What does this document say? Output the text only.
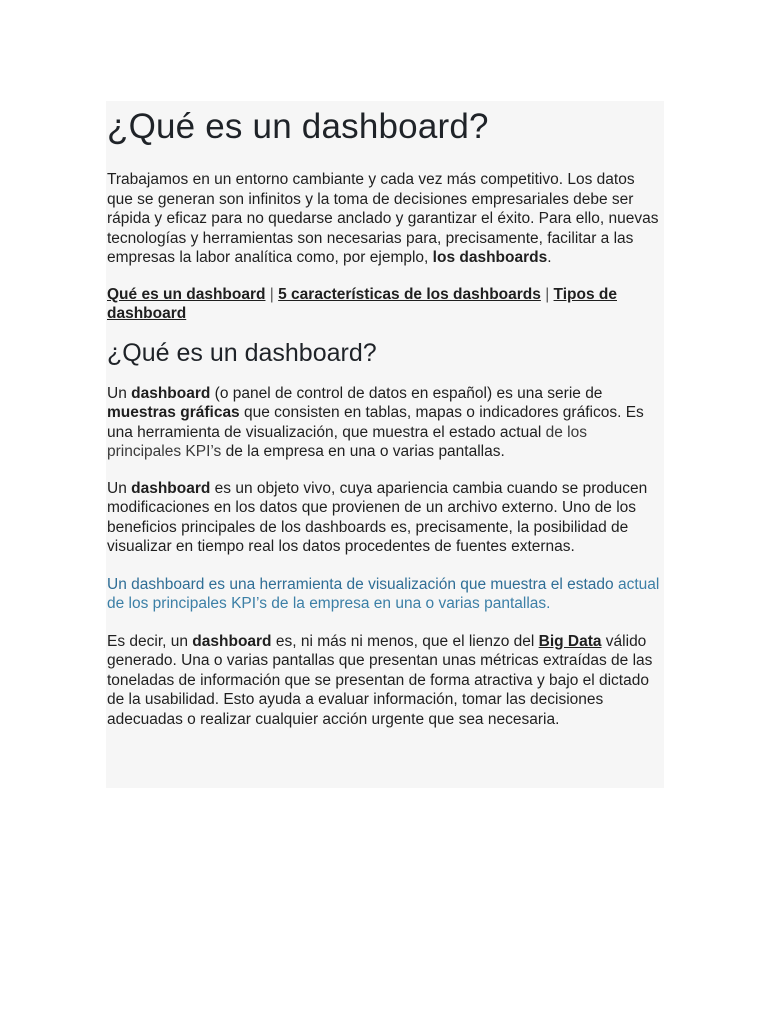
¿Qué es un dashboard?

Trabajamos en un entorno cambiante y cada vez más competitivo. Los datos que se generan son infinitos y la toma de decisiones empresariales debe ser rápida y eficaz para no quedarse anclado y garantizar el éxito. Para ello, nuevas tecnologías y herramientas son necesarias para, precisamente, facilitar a las empresas la labor analítica como, por ejemplo, los dashboards.

Qué es un dashboard | 5 características de los dashboards | Tipos de dashboard
¿Qué es un dashboard?

Un dashboard (o panel de control de datos en español) es una serie de muestras gráficas que consisten en tablas, mapas o indicadores gráficos. Es una herramienta de visualización, que muestra el estado actual de los principales KPI’s de la empresa en una o varias pantallas.

Un dashboard es un objeto vivo, cuya apariencia cambia cuando se producen modificaciones en los datos que provienen de un archivo externo. Uno de los beneficios principales de los dashboards es, precisamente, la posibilidad de visualizar en tiempo real los datos procedentes de fuentes externas.

Un dashboard es una herramienta de visualización que muestra el estado actual de los principales KPI’s de la empresa en una o varias pantallas.

Es decir, un dashboard es, ni más ni menos, que el lienzo del Big Data válido generado. Una o varias pantallas que presentan unas métricas extraídas de las toneladas de información que se presentan de forma atractiva y bajo el dictado de la usabilidad. Esto ayuda a evaluar información, tomar las decisiones adecuadas o realizar cualquier acción urgente que sea necesaria.
